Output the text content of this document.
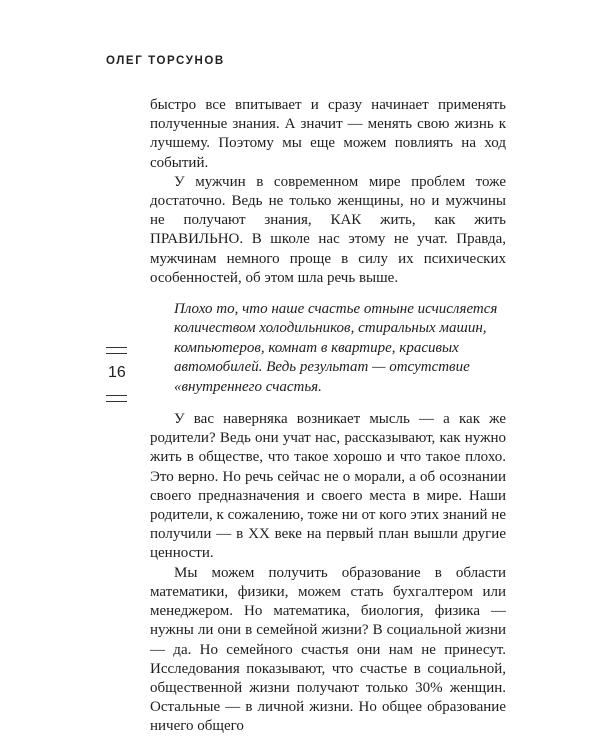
ОЛЕГ ТОРСУНОВ
16

быстро все впитывает и сразу начинает применять полученные знания. А значит — менять свою жизнь к лучшему. Поэтому мы еще можем повлиять на ход событий.

У мужчин в современном мире проблем тоже достаточно. Ведь не только женщины, но и мужчины не получают знания, КАК жить, как жить ПРАВИЛЬНО. В школе нас этому не учат. Правда, мужчинам немного проще в силу их психических особенностей, об этом шла речь выше.

Плохо то, что наше счастье отныне исчисляется количеством холодильников, стиральных машин, компьютеров, комнат в квартире, красивых автомобилей. Ведь результат — отсутствие «внутреннего счастья.

У вас наверняка возникает мысль — а как же родители? Ведь они учат нас, рассказывают, как нужно жить в обществе, что такое хорошо и что такое плохо. Это верно. Но речь сейчас не о морали, а об осознании своего предназначения и своего места в мире. Наши родители, к сожалению, тоже ни от кого этих знаний не получили — в XX веке на первый план вышли другие ценности.

Мы можем получить образование в области математики, физики, можем стать бухгалтером или менеджером. Но математика, биология, физика — нужны ли они в семейной жизни? В социальной жизни — да. Но семейного счастья они нам не принесут. Исследования показывают, что счастье в социальной, общественной жизни получают только 30% женщин. Остальные — в личной жизни. Но общее образование ничего общего
